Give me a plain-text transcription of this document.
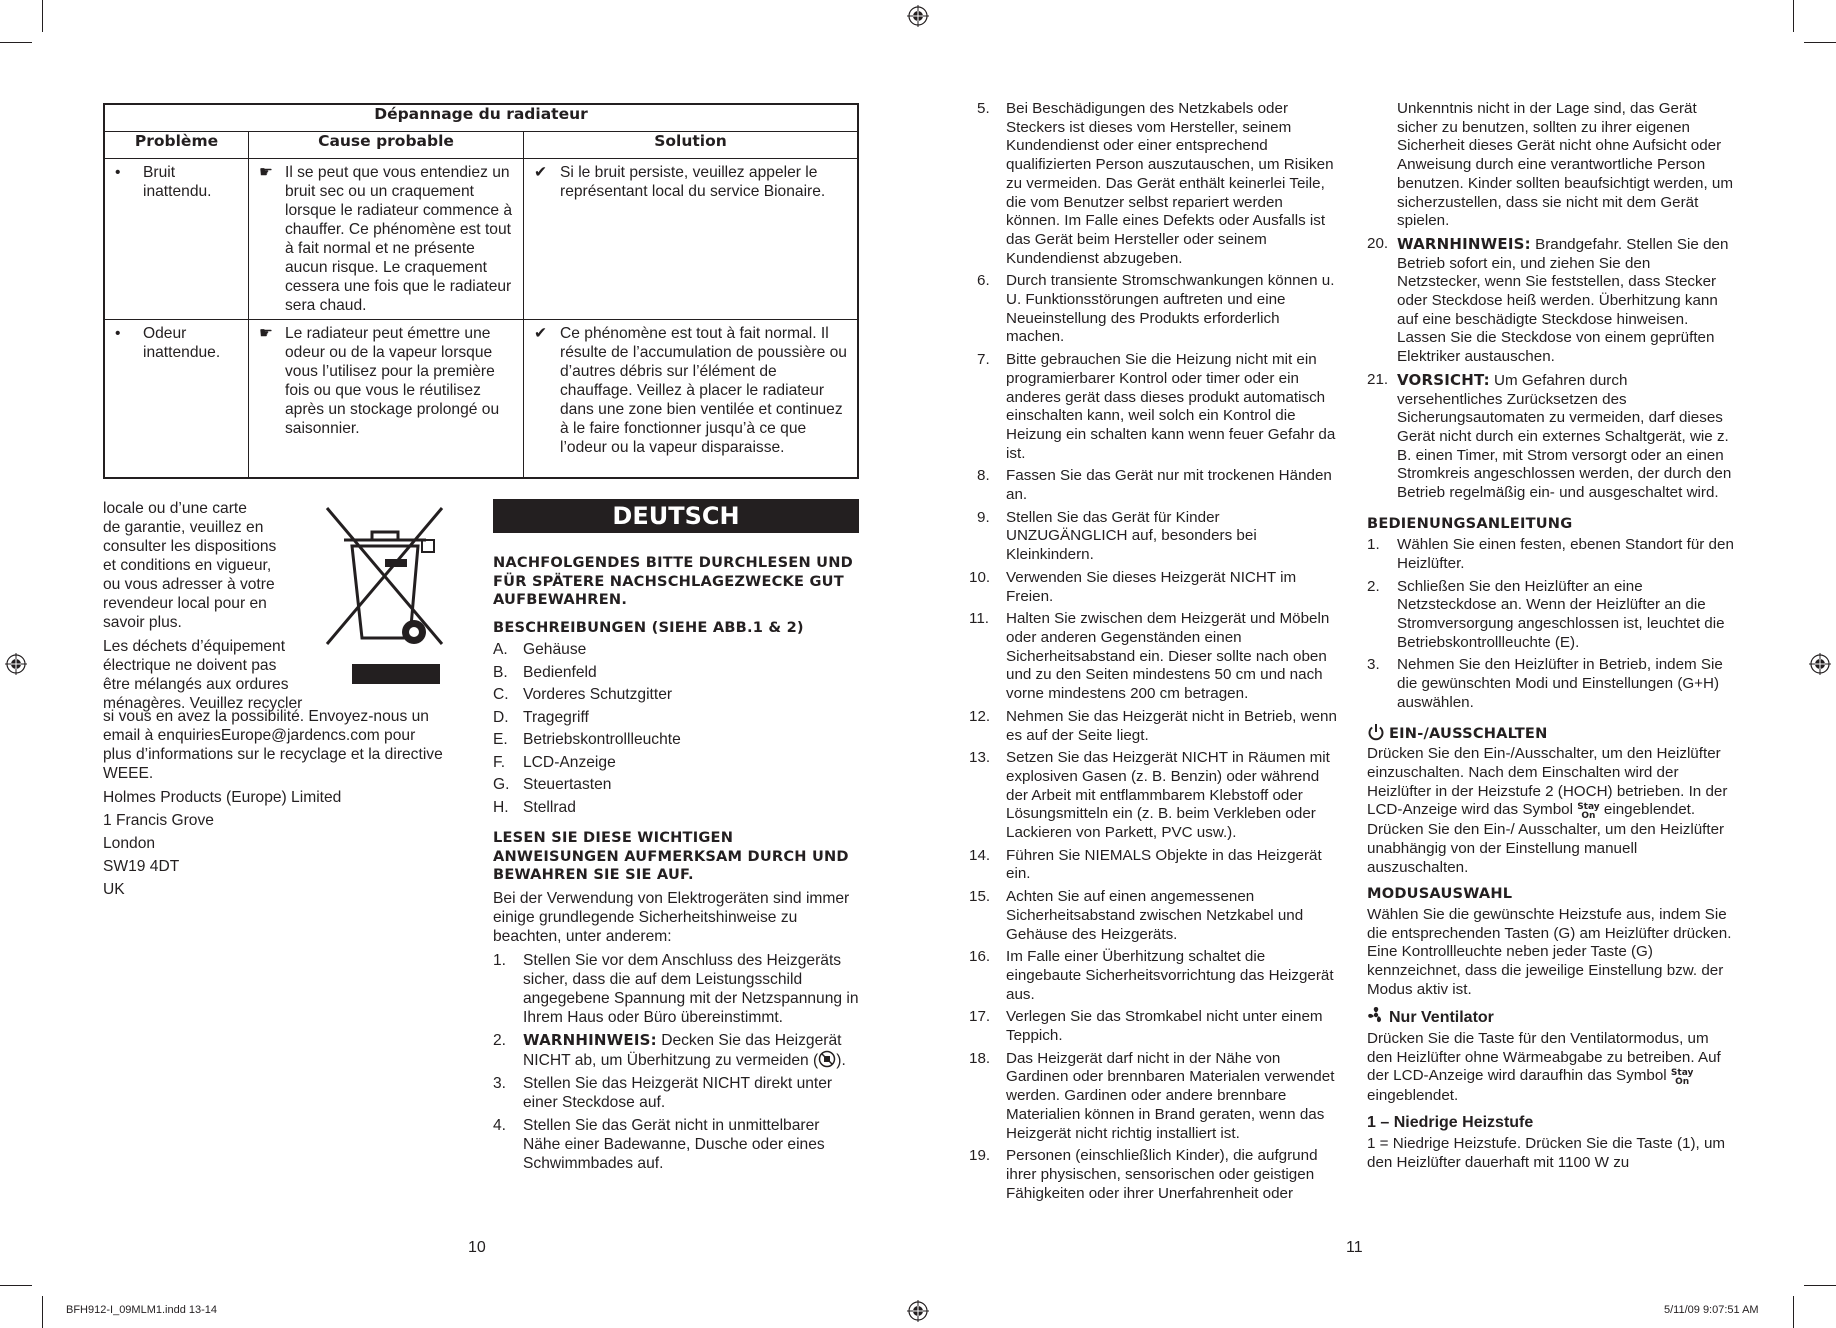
Dépannage du radiateur		
Problème	Cause probable	Solution

• Bruit inattendu.	☛ Il se peut que vous entendiez un bruit sec ou un craquement lorsque le radiateur commence à chauffer. Ce phénomène est tout à fait normal et ne présente aucun risque. Le craquement cessera une fois que le radiateur sera chaud.	✔ Si le bruit persiste, veuillez appeler le représentant local du service Bionaire.

• Odeur inattendue.	☛ Le radiateur peut émettre une odeur ou de la vapeur lorsque vous l’utilisez pour la première fois ou que vous le réutilisez après un stockage prolongé ou saisonnier.	✔ Ce phénomène est tout à fait normal. Il résulte de l’accumulation de poussière ou d’autres débris sur l’élément de chauffage. Veillez à placer le radiateur dans une zone bien ventilée et continuez à le faire fonctionner jusqu’à ce que l’odeur ou la vapeur disparaisse.
locale ou d’une carte
de garantie, veuillez en
consulter les dispositions
et conditions en vigueur,
ou vous adresser à votre
revendeur local pour en
savoir plus.
Les déchets d’équipement
électrique ne doivent pas
être mélangés aux ordures
ménagères. Veuillez recycler
si vous en avez la possibilité. Envoyez-nous un
email à enquiriesEurope@jardencs.com pour
plus d’informations sur le recyclage et la directive
WEEE.
Holmes Products (Europe) Limited
1 Francis Grove
London
SW19 4DT
UK
DEUTSCH
NACHFOLGENDES BITTE DURCHLESEN UND FÜR SPÄTERE NACHSCHLAGEZWECKE GUT AUFBEWAHREN.
BESCHREIBUNGEN (SIEHE ABB.1 & 2)
A. Gehäuse
B. Bedienfeld
C. Vorderes Schutzgitter
D. Tragegriff
E. Betriebskontrollleuchte
F. LCD-Anzeige
G. Steuertasten
H. Stellrad
LESEN SIE DIESE WICHTIGEN ANWEISUNGEN AUFMERKSAM DURCH UND BEWAHREN SIE SIE AUF.

Bei der Verwendung von Elektrogeräten sind immer einige grundlegende Sicherheitshinweise zu beachten, unter anderem:

1. Stellen Sie vor dem Anschluss des Heizgeräts sicher, dass die auf dem Leistungsschild angegebene Spannung mit der Netzspannung in Ihrem Haus oder Büro übereinstimmt.
2. WARNHINWEIS: Decken Sie das Heizgerät NICHT ab, um Überhitzung zu vermeiden ( ).
3. Stellen Sie das Heizgerät NICHT direkt unter einer Steckdose auf.
4. Stellen Sie das Gerät nicht in unmittelbarer Nähe einer Badewanne, Dusche oder eines Schwimmbades auf.
10
5. Bei Beschädigungen des Netzkabels oder Steckers ist dieses vom Hersteller, seinem Kundendienst oder einer entsprechend qualifizierten Person auszutauschen, um Risiken zu vermeiden. Das Gerät enthält keinerlei Teile, die vom Benutzer selbst repariert werden können. Im Falle eines Defekts oder Ausfalls ist das Gerät beim Hersteller oder seinem Kundendienst abzugeben.
6. Durch transiente Stromschwankungen können u. U. Funktionsstörungen auftreten und eine Neueinstellung des Produkts erforderlich machen.
7. Bitte gebrauchen Sie die Heizung nicht mit ein programierbarer Kontrol oder timer oder ein anderes gerät dass dieses produkt automatisch einschalten kann, weil solch ein Kontrol die Heizung ein schalten kann wenn feuer Gefahr da ist.
8. Fassen Sie das Gerät nur mit trockenen Händen an.
9. Stellen Sie das Gerät für Kinder UNZUGÄNGLICH auf, besonders bei Kleinkindern.
10. Verwenden Sie dieses Heizgerät NICHT im Freien.
11. Halten Sie zwischen dem Heizgerät und Möbeln oder anderen Gegenständen einen Sicherheitsabstand ein. Dieser sollte nach oben und zu den Seiten mindestens 50 cm und nach vorne mindestens 200 cm betragen.
12. Nehmen Sie das Heizgerät nicht in Betrieb, wenn es auf der Seite liegt.
13. Setzen Sie das Heizgerät NICHT in Räumen mit explosiven Gasen (z. B. Benzin) oder während der Arbeit mit entflammbarem Klebstoff oder Lösungsmitteln ein (z. B. beim Verkleben oder Lackieren von Parkett, PVC usw.).
14. Führen Sie NIEMALS Objekte in das Heizgerät ein.
15. Achten Sie auf einen angemessenen Sicherheitsabstand zwischen Netzkabel und Gehäuse des Heizgeräts.
16. Im Falle einer Überhitzung schaltet die eingebaute Sicherheitsvorrichtung das Heizgerät aus.
17. Verlegen Sie das Stromkabel nicht unter einem Teppich.
18. Das Heizgerät darf nicht in der Nähe von Gardinen oder brennbaren Materialen verwendet werden. Gardinen oder andere brennbare Materialien können in Brand geraten, wenn das Heizgerät nicht richtig installiert ist.
19. Personen (einschließlich Kinder), die aufgrund ihrer physischen, sensorischen oder geistigen Fähigkeiten oder ihrer Unerfahrenheit oder
Unkenntnis nicht in der Lage sind, das Gerät sicher zu benutzen, sollten zu ihrer eigenen Sicherheit dieses Gerät nicht ohne Aufsicht oder Anweisung durch eine verantwortliche Person benutzen. Kinder sollten beaufsichtigt werden, um sicherzustellen, dass sie nicht mit dem Gerät spielen.
20. WARNHINWEIS: Brandgefahr. Stellen Sie den Betrieb sofort ein, und ziehen Sie den Netzstecker, wenn Sie feststellen, dass Stecker oder Steckdose heiß werden. Überhitzung kann auf eine beschädigte Steckdose hinweisen. Lassen Sie die Steckdose von einem geprüften Elektriker austauschen.
21. VORSICHT: Um Gefahren durch versehentliches Zurücksetzen des Sicherungsautomaten zu vermeiden, darf dieses Gerät nicht durch ein externes Schaltgerät, wie z. B. einen Timer, mit Strom versorgt oder an einen Stromkreis angeschlossen werden, der durch den Betrieb regelmäßig ein- und ausgeschaltet wird.
BEDIENUNGSANLEITUNG
1. Wählen Sie einen festen, ebenen Standort für den Heizlüfter.
2. Schließen Sie den Heizlüfter an eine Netzsteckdose an. Wenn der Heizlüfter an die Stromversorgung angeschlossen ist, leuchtet die Betriebskontrollleuchte (E).
3. Nehmen Sie den Heizlüfter in Betrieb, indem Sie die gewünschten Modi und Einstellungen (G+H) auswählen.
EIN-/AUSSCHALTEN

Drücken Sie den Ein-/Ausschalter, um den Heizlüfter einzuschalten. Nach dem Einschalten wird der Heizlüfter in der Heizstufe 2 (HOCH) betrieben. In der LCD-Anzeige wird das Symbol Stay
On eingeblendet. Drücken Sie den Ein-/ Ausschalter, um den Heizlüfter unabhängig von der Einstellung manuell auszuschalten.

MODUSAUSWAHL

Wählen Sie die gewünschte Heizstufe aus, indem Sie die entsprechenden Tasten (G) am Heizlüfter drücken. Eine Kontrollleuchte neben jeder Taste (G) kennzeichnet, dass die jeweilige Einstellung bzw. der Modus aktiv ist.

Nur Ventilator

Drücken Sie die Taste für den Ventilatormodus, um den Heizlüfter ohne Wärmeabgabe zu betreiben. Auf der LCD-Anzeige wird daraufhin das Symbol Stay
On
eingeblendet.

1 – Niedrige Heizstufe

1 = Niedrige Heizstufe. Drücken Sie die Taste (1), um den Heizlüfter dauerhaft mit 1100 W zu

11
BFH912-I_09MLM1.indd 13-14	5/11/09 9:07:51 AM
